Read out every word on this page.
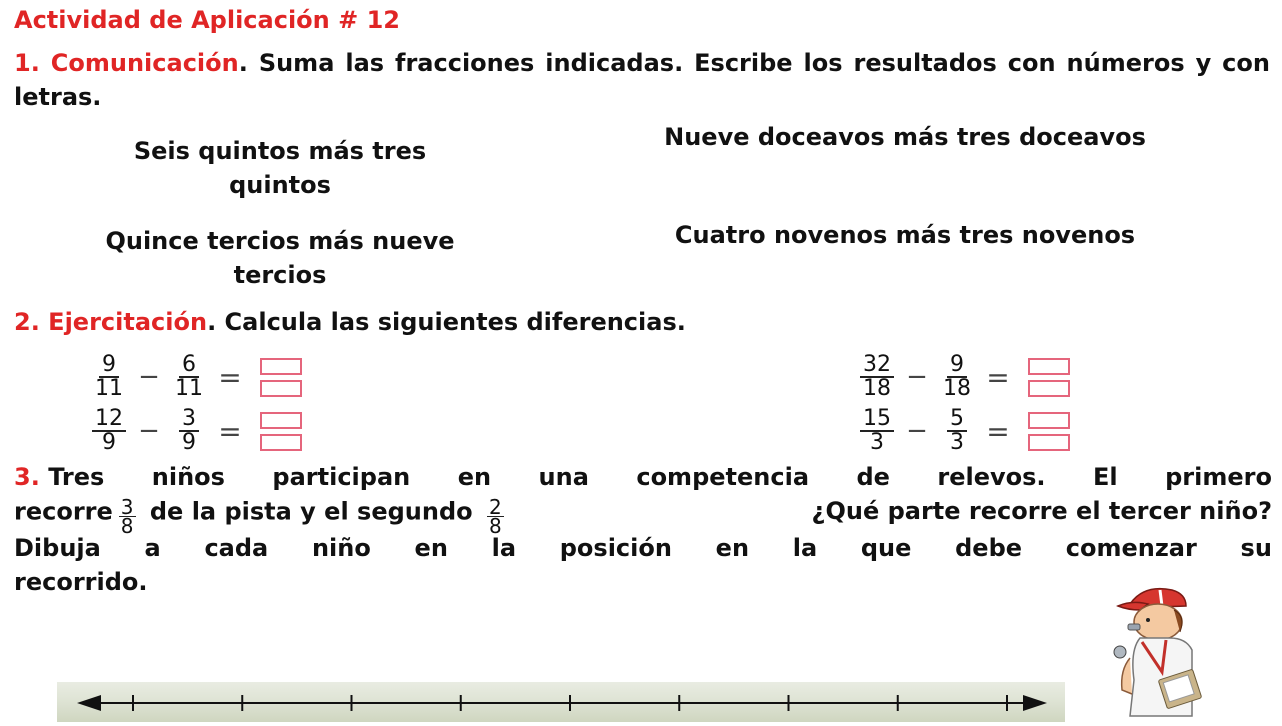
Actividad de Aplicación # 12
1. Comunicación. Suma las fracciones indicadas. Escribe los resultados con números y con letras.
Seis quintos más tres quintos
Nueve doceavos más tres doceavos
Quince tercios más nueve tercios
Cuatro novenos más tres novenos
2. Ejercitación. Calcula las siguientes diferencias.
$\frac{9}{11} - \frac{6}{11}$ =
$\frac{12}{9} - \frac{3}{9}$ =
$\frac{32}{18} - \frac{9}{18}$ =
$\frac{15}{3} - \frac{5}{3}$ =
3. Tres niños participan en una competencia de relevos. El primero
recorre $\frac{3}{8}$ de la pista y el segundo $\frac{2}{8}$	¿Qué parte recorre el tercer niño?
Dibuja a cada niño en la posición en la que debe comenzar su
recorrido.
